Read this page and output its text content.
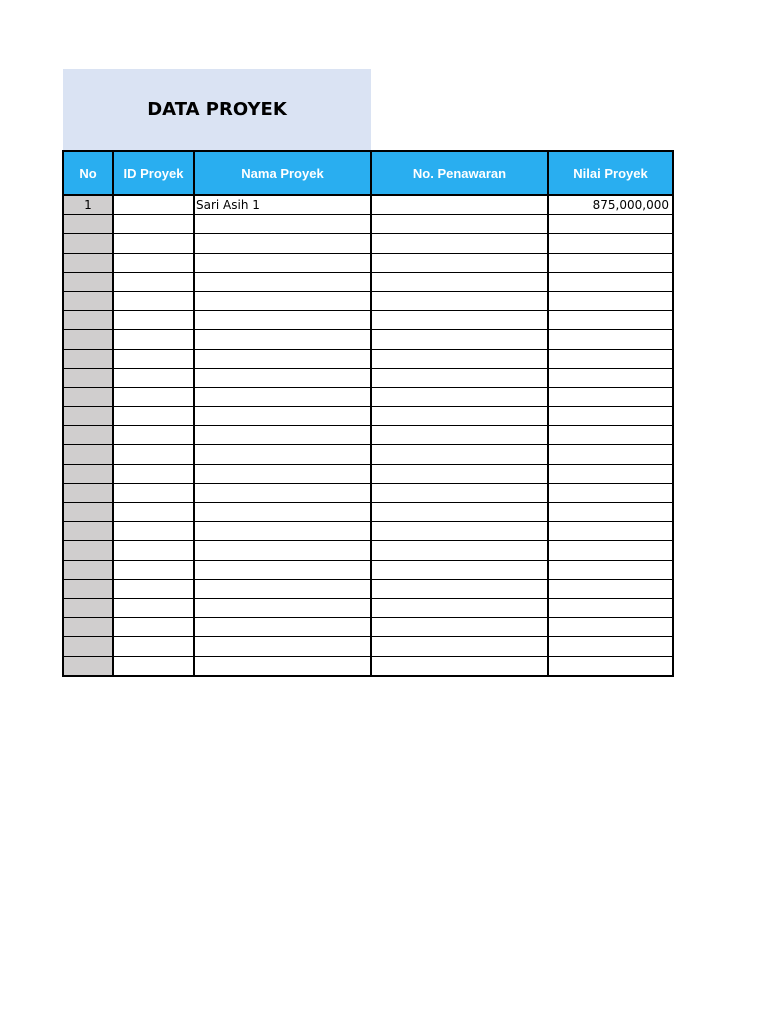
DATA PROYEK
No	ID Proyek	Nama Proyek	No. Penawaran	Nilai Proyek
1		Sari Asih 1		875,000,000
